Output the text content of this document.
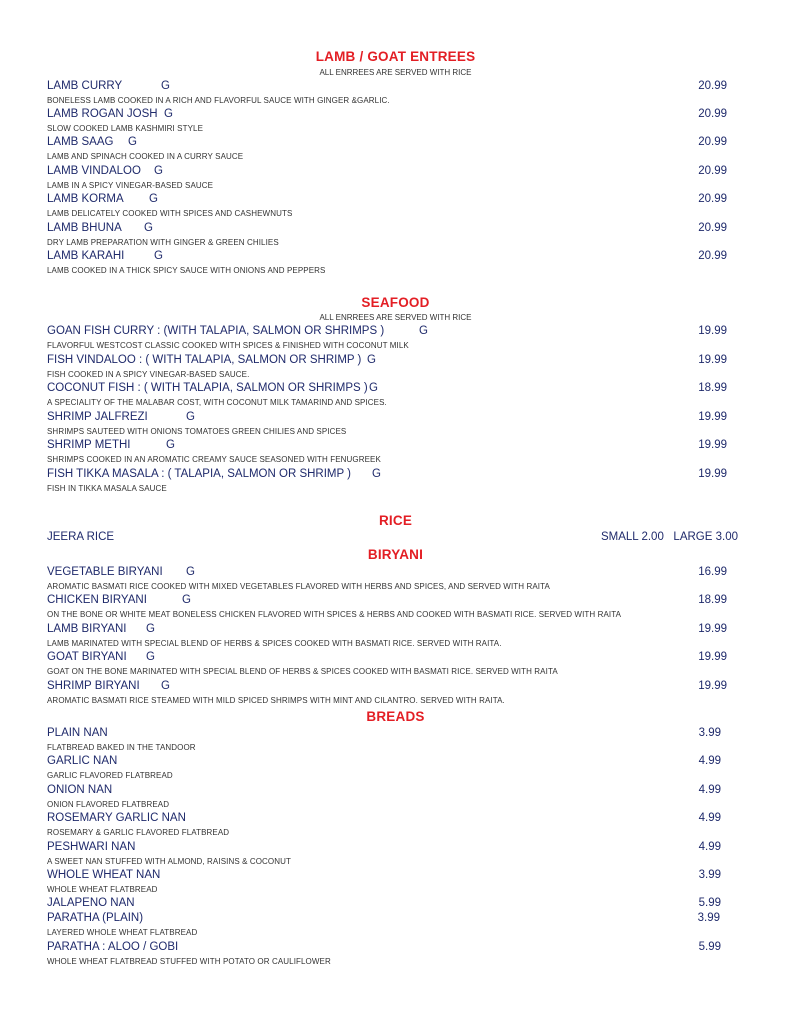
LAMB / GOAT ENTREES
ALL ENRREES ARE SERVED WITH RICE
LAMB CURRY	G	20.99
BONELESS LAMB COOKED IN A RICH AND FLAVORFUL SAUCE WITH GINGER &GARLIC.
LAMB ROGAN JOSH G	20.99
SLOW COOKED LAMB KASHMIRI STYLE
LAMB SAAG G	20.99
LAMB AND SPINACH COOKED IN A CURRY SAUCE
LAMB VINDALOO G	20.99
LAMB IN A SPICY VINEGAR-BASED SAUCE
LAMB KORMA G	20.99
LAMB DELICATELY COOKED WITH SPICES AND CASHEWNUTS
LAMB BHUNA G	20.99
DRY LAMB PREPARATION WITH GINGER & GREEN CHILIES
LAMB KARAHI	G	20.99
LAMB COOKED IN A THICK SPICY SAUCE WITH ONIONS AND PEPPERS
SEAFOOD
ALL ENRREES ARE SERVED WITH RICE
GOAN FISH CURRY : (WITH TALAPIA, SALMON OR SHRIMPS )	G	19.99
FLAVORFUL WESTCOST CLASSIC COOKED WITH SPICES & FINISHED WITH COCONUT MILK
FISH VINDALOO : ( WITH TALAPIA, SALMON OR SHRIMP ) G	19.99
FISH COOKED IN A SPICY VINEGAR-BASED SAUCE.
COCONUT FISH : ( WITH TALAPIA, SALMON OR SHRIMPS ) G	18.99
A SPECIALITY OF THE MALABAR COST, WITH COCONUT MILK TAMARIND AND SPICES.
SHRIMP JALFREZI	G	19.99
SHRIMPS SAUTEED WITH ONIONS TOMATOES GREEN CHILIES AND SPICES
SHRIMP METHI	G	19.99
SHRIMPS COOKED IN AN AROMATIC CREAMY SAUCE SEASONED WITH FENUGREEK
FISH TIKKA MASALA : ( TALAPIA, SALMON OR SHRIMP ) G	19.99
FISH IN TIKKA MASALA SAUCE
RICE
JEERA RICE	SMALL 2.00   LARGE 3.00
BIRYANI
VEGETABLE BIRYANI G	16.99
AROMATIC BASMATI RICE COOKED WITH MIXED VEGETABLES FLAVORED WITH HERBS AND SPICES, AND SERVED WITH RAITA
CHICKEN BIRYANI	G	18.99
ON THE BONE OR WHITE MEAT BONELESS CHICKEN FLAVORED WITH SPICES & HERBS AND COOKED WITH BASMATI RICE. SERVED WITH RAITA
LAMB BIRYANI G	19.99
LAMB MARINATED WITH SPECIAL BLEND OF HERBS & SPICES COOKED WITH BASMATI RICE. SERVED WITH RAITA.
GOAT BIRYANI G	19.99
GOAT ON THE BONE MARINATED WITH SPECIAL BLEND OF HERBS & SPICES COOKED WITH BASMATI RICE. SERVED WITH RAITA
SHRIMP BIRYANI G	19.99
AROMATIC BASMATI RICE STEAMED WITH MILD SPICED SHRIMPS WITH MINT AND CILANTRO. SERVED WITH RAITA.
BREADS
PLAIN NAN	3.99
FLATBREAD BAKED IN THE TANDOOR
GARLIC NAN	4.99
GARLIC FLAVORED FLATBREAD
ONION NAN	4.99
ONION FLAVORED FLATBREAD
ROSEMARY GARLIC NAN	4.99
ROSEMARY & GARLIC FLAVORED FLATBREAD
PESHWARI NAN	4.99
A SWEET NAN STUFFED WITH ALMOND, RAISINS & COCONUT
WHOLE WHEAT NAN	3.99
WHOLE WHEAT FLATBREAD
JALAPENO NAN	5.99
PARATHA (PLAIN)	3.99
LAYERED WHOLE WHEAT FLATBREAD
PARATHA : ALOO / GOBI	5.99
WHOLE WHEAT FLATBREAD STUFFED WITH POTATO OR CAULIFLOWER
